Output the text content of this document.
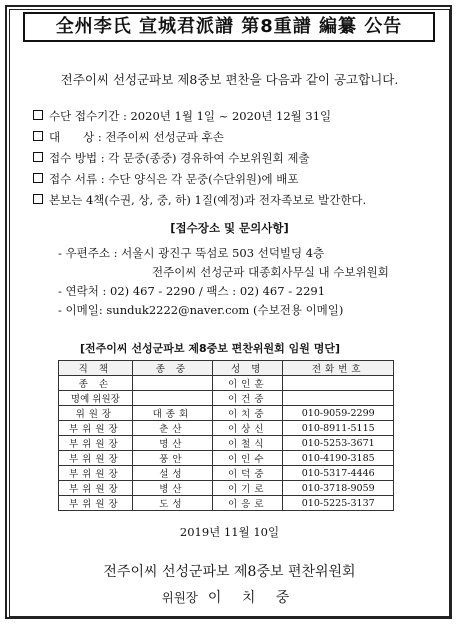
全州李氏 宣城君派譜 第8重譜 編纂 公告
전주이씨 선성군파보 제8중보 편찬을 다음과 같이 공고합니다.
수단 접수기간 : 2020년 1월 1일 ~ 2020년 12월 31일
대　　상 : 전주이씨 선성군파 후손
접수 방법 : 각 문중(종중) 경유하여 수보위원회 제출
접수 서류 : 수단 양식은 각 문중(수단위원)에 배포
본보는 4책(수권, 상, 중, 하) 1질(예정)과 전자족보로 발간한다.
[접수장소 및 문의사항]
- 우편주소 : 서울시 광진구 뚝섬로 503 선덕빌딩 4층
전주이씨 선성군파 대종회사무실 내 수보위원회
- 연락처 : 02) 467 - 2290 / 팩스 : 02) 467 - 2291
- 이메일: sunduk2222@naver.com (수보전용 이메일)
[전주이씨 선성군파보 제8중보 편찬위원회 임원 명단]
직 책	종 중	성 명	전화번호
종 손		이인훈	
명예 위원장		이건중	
위원장	대종회	이치중	010-9059-2299
부위원장	춘산	이상신	010-8911-5115
부위원장	명산	이철식	010-5253-3671
부위원장	풍안	이인수	010-4190-3185
부위원장	설성	이덕중	010-5317-4446
부위원장	병산	이기로	010-3718-9059
부위원장	도성	이응로	010-5225-3137
2019년 11월 10일
전주이씨 선성군파보 제8중보 편찬위원회
위원장 이 치 중
